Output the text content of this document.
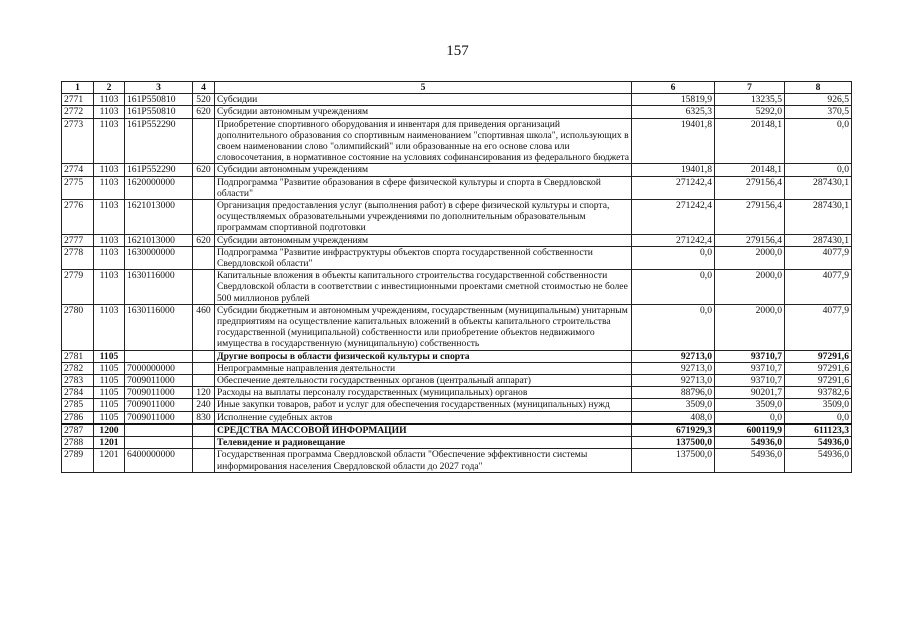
157
1	2	3	4	5	6	7	8
2771	1103	161P550810	520	Субсидии	15819,9	13235,5	926,5
2772	1103	161P550810	620	Субсидии автономным учреждениям	6325,3	5292,0	370,5
2773	1103	161P552290		Приобретение спортивного оборудования и инвентаря для приведения организаций дополнительного образования со спортивным наименованием "спортивная школа", использующих в своем наименовании слово "олимпийский" или образованные на его основе слова или словосочетания, в нормативное состояние на условиях софинансирования из федерального бюджета	19401,8	20148,1	0,0
2774	1103	161P552290	620	Субсидии автономным учреждениям	19401,8	20148,1	0,0
2775	1103	1620000000		Подпрограмма "Развитие образования в сфере физической культуры и спорта в Свердловской области"	271242,4	279156,4	287430,1
2776	1103	1621013000		Организация предоставления услуг (выполнения работ) в сфере физической культуры и спорта, осуществляемых образовательными учреждениями по дополнительным образовательным программам спортивной подготовки	271242,4	279156,4	287430,1
2777	1103	1621013000	620	Субсидии автономным учреждениям	271242,4	279156,4	287430,1
2778	1103	1630000000		Подпрограмма "Развитие инфраструктуры объектов спорта государственной собственности Свердловской области"	0,0	2000,0	4077,9
2779	1103	1630116000		Капитальные вложения в объекты капитального строительства государственной собственности Свердловской области в соответствии с инвестиционными проектами сметной стоимостью не более 500 миллионов рублей	0,0	2000,0	4077,9
2780	1103	1630116000	460	Субсидии бюджетным и автономным учреждениям, государственным (муниципальным) унитарным предприятиям на осуществление капитальных вложений в объекты капитального строительства государственной (муниципальной) собственности или приобретение объектов недвижимого имущества в государственную (муниципальную) собственность	0,0	2000,0	4077,9
2781	1105			Другие вопросы в области физической культуры и спорта	92713,0	93710,7	97291,6
2782	1105	7000000000		Непрограммные направления деятельности	92713,0	93710,7	97291,6
2783	1105	7009011000		Обеспечение деятельности государственных органов (центральный аппарат)	92713,0	93710,7	97291,6
2784	1105	7009011000	120	Расходы на выплаты персоналу государственных (муниципальных) органов	88796,0	90201,7	93782,6
2785	1105	7009011000	240	Иные закупки товаров, работ и услуг для обеспечения государственных (муниципальных) нужд	3509,0	3509,0	3509,0
2786	1105	7009011000	830	Исполнение судебных актов	408,0	0,0	0,0
2787	1200			СРЕДСТВА МАССОВОЙ ИНФОРМАЦИИ	671929,3	600119,9	611123,3
2788	1201			Телевидение и радиовещание	137500,0	54936,0	54936,0
2789	1201	6400000000		Государственная программа Свердловской области "Обеспечение эффективности системы информирования населения Свердловской области до 2027 года"	137500,0	54936,0	54936,0
